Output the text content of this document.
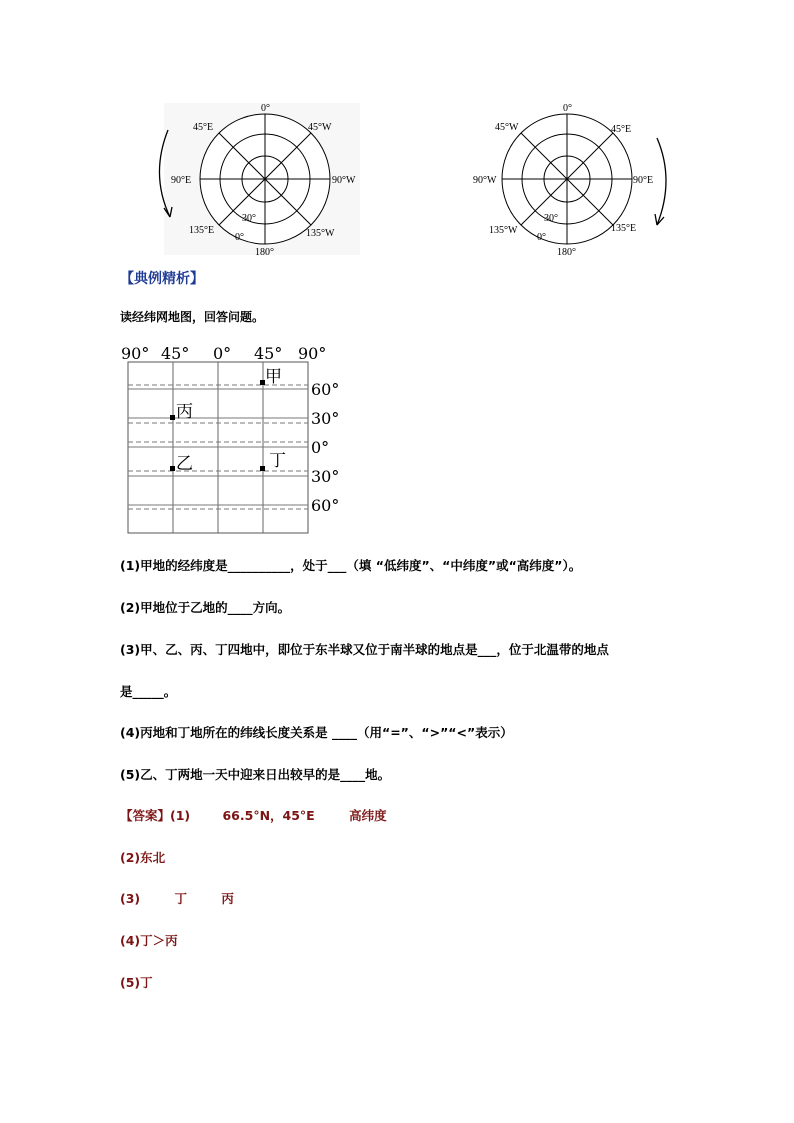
0°
45°E	45°W
90°E	90°W
135°E	135°W
180°
30°
0°
0°
45°W	45°E
90°W	90°E
135°W	135°E
180°
30°
0°
【典例精析】
读经纬网地图，回答问题。
90° 45° 0° 45° 90°
60°
30°
0°
30°
60°
甲
丙
乙	丁
(1)甲地的经纬度是__________，处于___（填 “低纬度”、“中纬度”或“高纬度”）。
(2)甲地位于乙地的____方向。
(3)甲、乙、丙、丁四地中，即位于东半球又位于南半球的地点是___，位于北温带的地点
是_____。
(4)丙地和丁地所在的纬线长度关系是 ____（用“=”、“>”“<”表示）
(5)乙、丁两地一天中迎来日出较早的是____地。
【答案】(1)	66.5°N，45°E	高纬度
(2)东北
(3)	丁	丙
(4)丁＞丙
(5)丁
